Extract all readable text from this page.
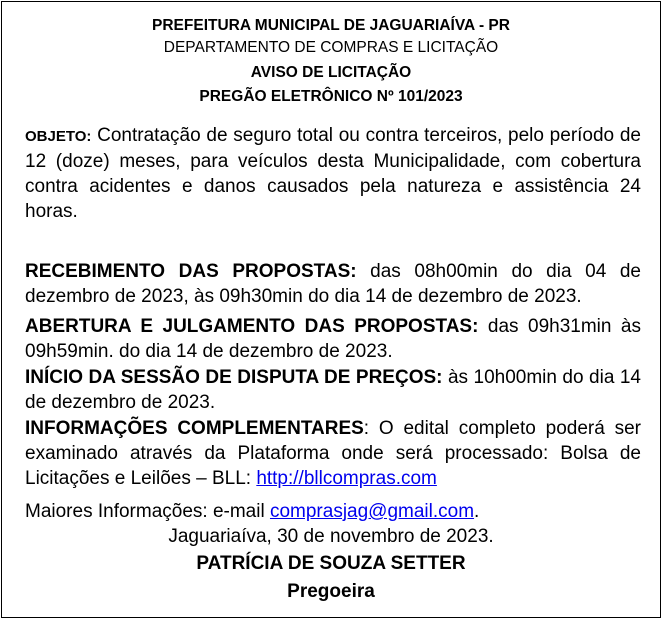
PREFEITURA MUNICIPAL DE JAGUARIAÍVA - PR
DEPARTAMENTO DE COMPRAS E LICITAÇÃO
AVISO DE LICITAÇÃO
PREGÃO ELETRÔNICO Nº 101/2023
OBJETO: Contratação de seguro total ou contra terceiros, pelo período de 12 (doze) meses, para veículos desta Municipalidade, com cobertura contra acidentes e danos causados pela natureza e assistência 24 horas.
RECEBIMENTO DAS PROPOSTAS: das 08h00min do dia 04 de dezembro de 2023, às 09h30min do dia 14 de dezembro de 2023.
ABERTURA E JULGAMENTO DAS PROPOSTAS: das 09h31min às 09h59min. do dia 14 de dezembro de 2023.
INÍCIO DA SESSÃO DE DISPUTA DE PREÇOS: às 10h00min do dia 14 de dezembro de 2023.
INFORMAÇÕES COMPLEMENTARES: O edital completo poderá ser examinado através da Plataforma onde será processado: Bolsa de Licitações e Leilões – BLL: http://bllcompras.com
Maiores Informações: e-mail comprasjag@gmail.com.
Jaguariaíva, 30 de novembro de 2023.
PATRÍCIA DE SOUZA SETTER
Pregoeira
